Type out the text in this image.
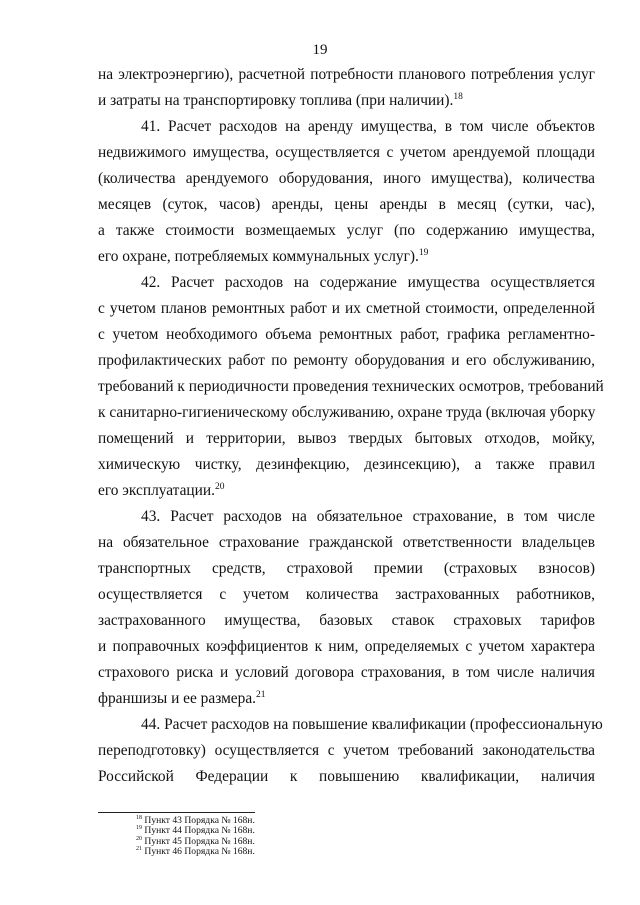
19
на электроэнергию), расчетной потребности планового потребления услуг
и затраты на транспортировку топлива (при наличии).$^{18}$
41. Расчет расходов на аренду имущества, в том числе объектов
недвижимого имущества, осуществляется с учетом арендуемой площади
(количества арендуемого оборудования, иного имущества), количества
месяцев (суток, часов) аренды, цены аренды в месяц (сутки, час),
а также стоимости возмещаемых услуг (по содержанию имущества,
его охране, потребляемых коммунальных услуг).$^{19}$
42. Расчет расходов на содержание имущества осуществляется
с учетом планов ремонтных работ и их сметной стоимости, определенной
с учетом необходимого объема ремонтных работ, графика регламентно-
профилактических работ по ремонту оборудования и его обслуживанию,
требований к периодичности проведения технических осмотров, требований
к санитарно-гигиеническому обслуживанию, охране труда (включая уборку
помещений и территории, вывоз твердых бытовых отходов, мойку,
химическую чистку, дезинфекцию, дезинсекцию), а также правил
его эксплуатации.$^{20}$
43. Расчет расходов на обязательное страхование, в том числе
на обязательное страхование гражданской ответственности владельцев
транспортных средств, страховой премии (страховых взносов)
осуществляется с учетом количества застрахованных работников,
застрахованного имущества, базовых ставок страховых тарифов
и поправочных коэффициентов к ним, определяемых с учетом характера
страхового риска и условий договора страхования, в том числе наличия
франшизы и ее размера.$^{21}$
44. Расчет расходов на повышение квалификации (профессиональную
переподготовку) осуществляется с учетом требований законодательства
Российской Федерации к повышению квалификации, наличия
$^{18}$ Пункт 43 Порядка № 168н.
$^{19}$ Пункт 44 Порядка № 168н.
$^{20}$ Пункт 45 Порядка № 168н.
$^{21}$ Пункт 46 Порядка № 168н.
